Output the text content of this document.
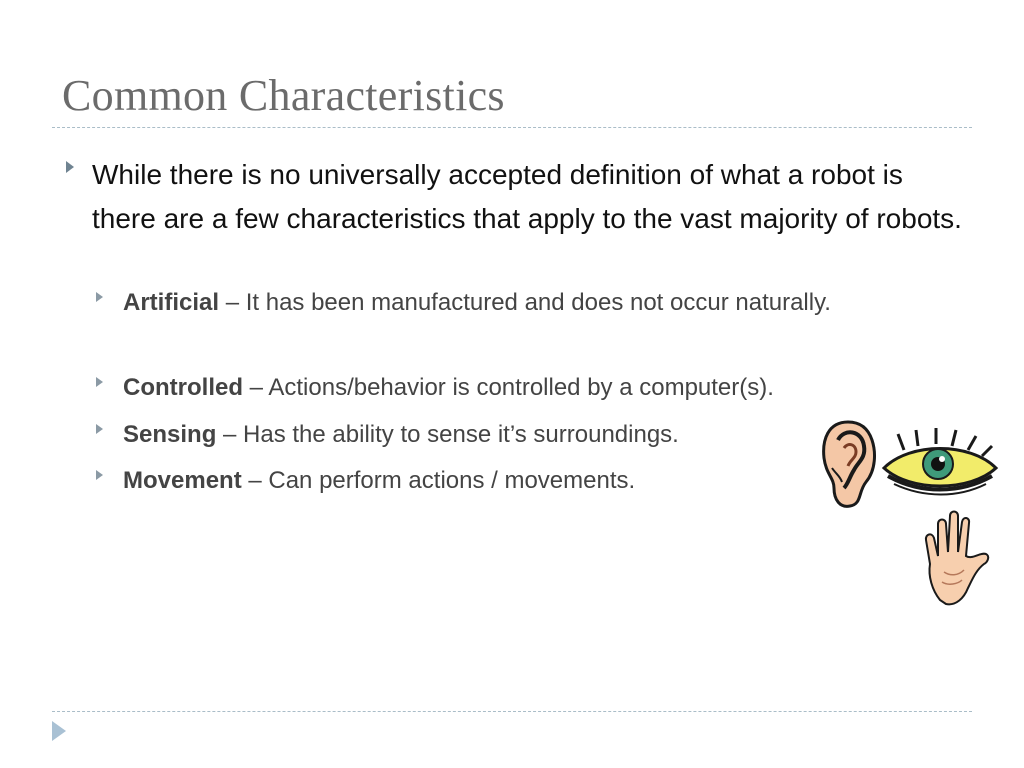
Common Characteristics
While there is no universally accepted definition of what a robot is there are a few characteristics that apply to the vast majority of robots.
Artificial – It has been manufactured and does not occur naturally.
Controlled – Actions/behavior is controlled by a computer(s).
Sensing – Has the ability to sense it’s surroundings.
Movement – Can perform actions / movements.
